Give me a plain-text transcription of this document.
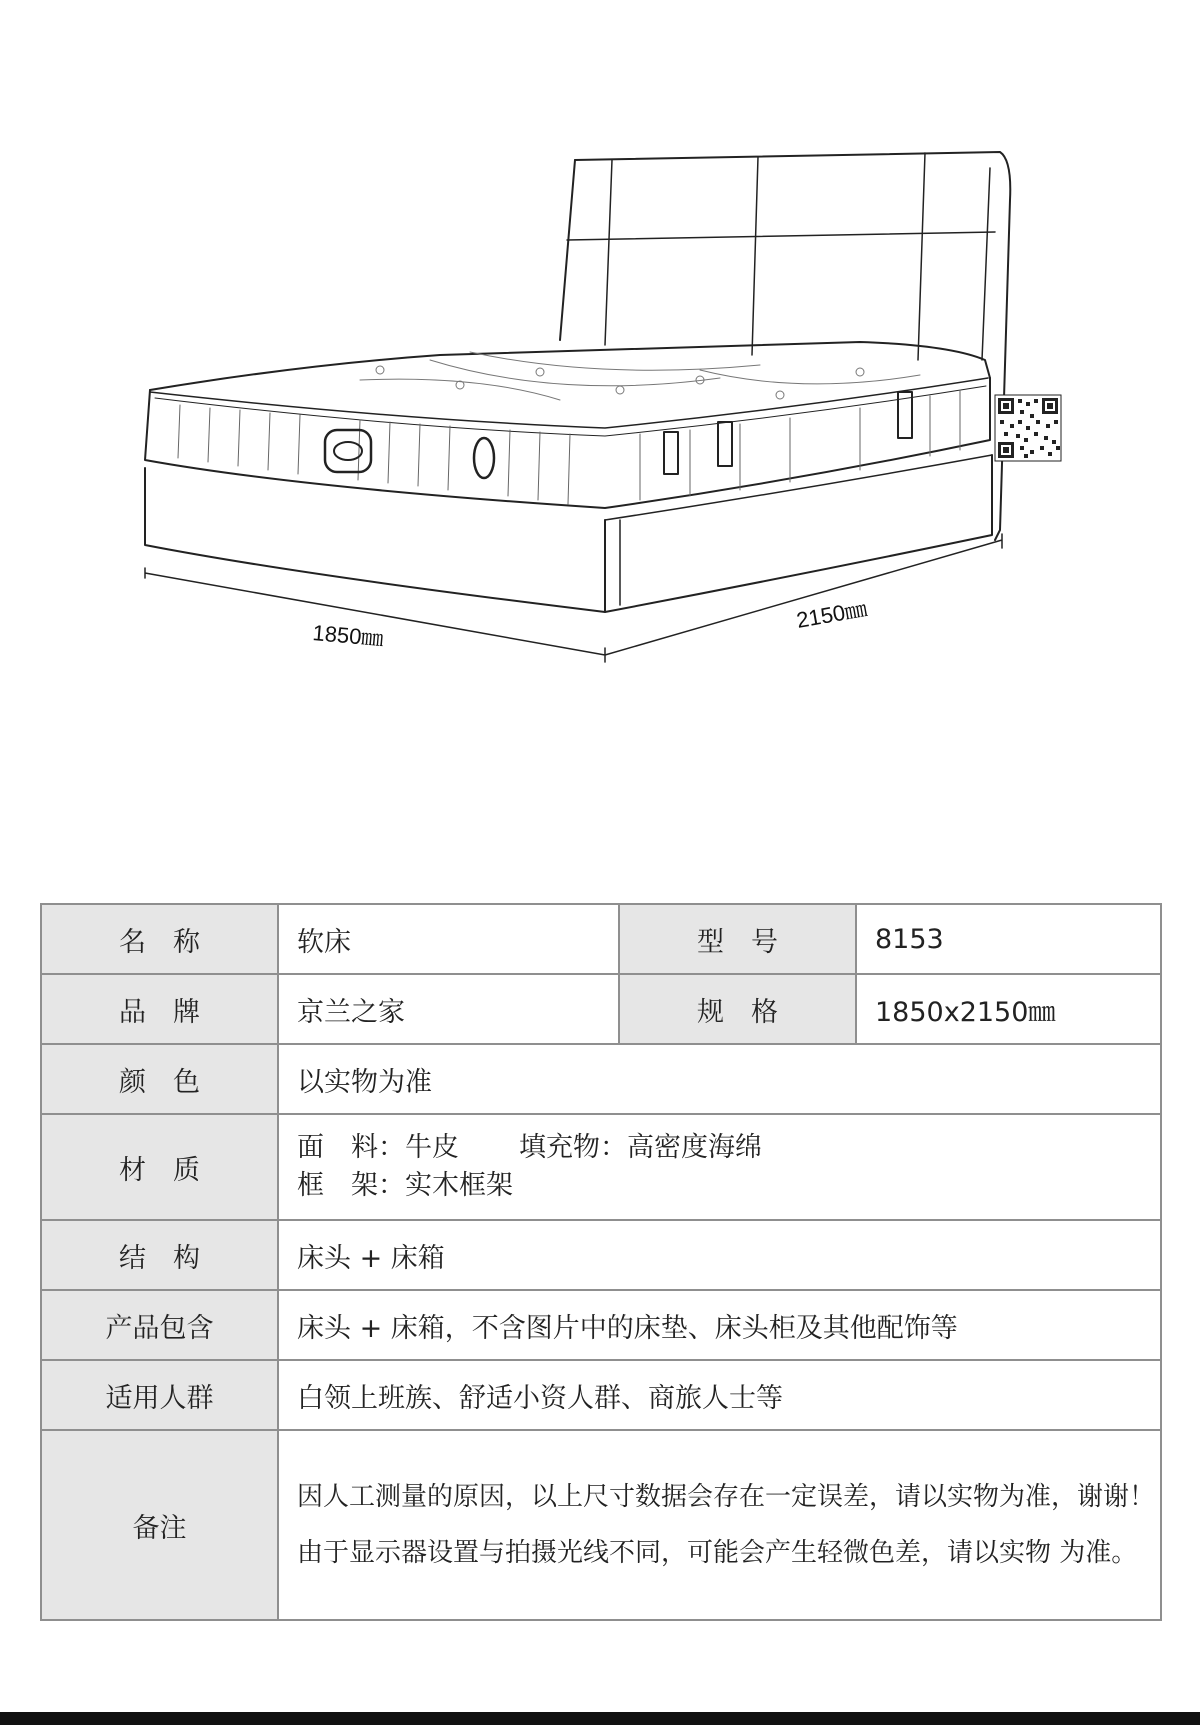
1850㎜
2150㎜
名　称	软床	型　号	8153
品　牌	京兰之家	规　格	1850x2150㎜
颜　色	以实物为准		
材　质	面　料：牛皮 填充物：高密度海绵
框　架：实木框架		

结　构	床头 + 床箱		
产品包含	床头 + 床箱，不含图片中的床垫、床头柜及其他配饰等		
适用人群	白领上班族、舒适小资人群、商旅人士等		
备注	因人工测量的原因，以上尺寸数据会存在一定误差，请以实物为准，谢谢！
由于显示器设置与拍摄光线不同，可能会产生轻微色差，请以实物 为准。		
